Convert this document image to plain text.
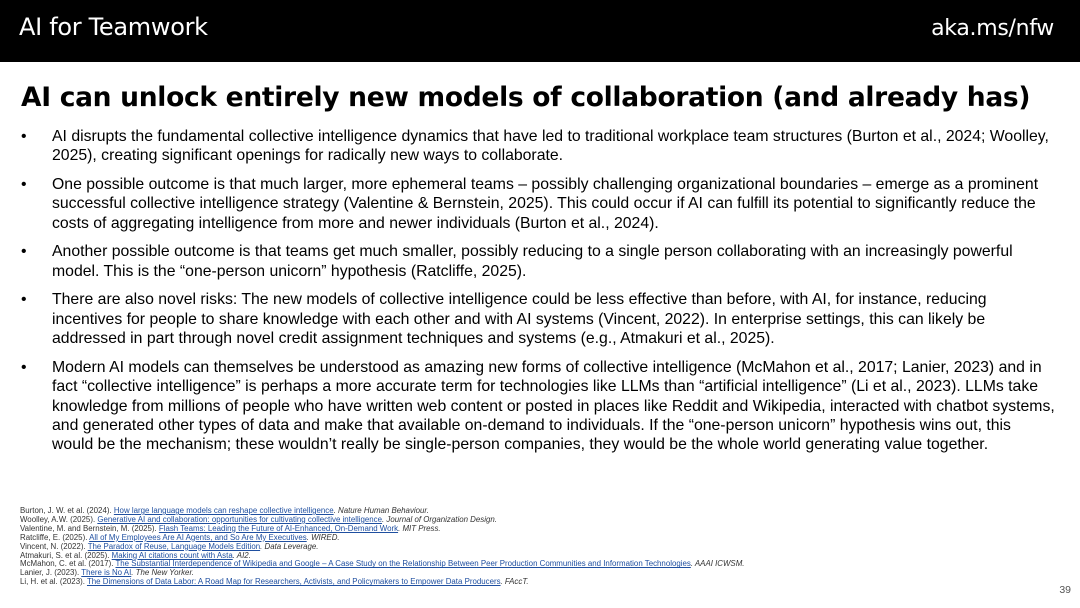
AI for Teamwork	aka.ms/nfw
AI can unlock entirely new models of collaboration (and already has)
•	AI disrupts the fundamental collective intelligence dynamics that have led to traditional workplace team structures (Burton et al., 2024; Woolley, 2025), creating significant openings for radically new ways to collaborate.
•	One possible outcome is that much larger, more ephemeral teams – possibly challenging organizational boundaries – emerge as a prominent successful collective intelligence strategy (Valentine & Bernstein, 2025). This could occur if AI can fulfill its potential to significantly reduce the costs of aggregating intelligence from more and newer individuals (Burton et al., 2024).
•	Another possible outcome is that teams get much smaller, possibly reducing to a single person collaborating with an increasingly powerful model. This is the “one-person unicorn” hypothesis (Ratcliffe, 2025).
•	There are also novel risks: The new models of collective intelligence could be less effective than before, with AI, for instance, reducing incentives for people to share knowledge with each other and with AI systems (Vincent, 2022). In enterprise settings, this can likely be addressed in part through novel credit assignment techniques and systems (e.g., Atmakuri et al., 2025).
•	Modern AI models can themselves be understood as amazing new forms of collective intelligence (McMahon et al., 2017; Lanier, 2023) and in fact “collective intelligence” is perhaps a more accurate term for technologies like LLMs than “artificial intelligence” (Li et al., 2023). LLMs take knowledge from millions of people who have written web content or posted in places like Reddit and Wikipedia, interacted with chatbot systems, and generated other types of data and make that available on-demand to individuals. If the “one-person unicorn” hypothesis wins out, this would be the mechanism; these wouldn’t really be single-person companies, they would be the whole world generating value together.
Burton, J. W. et al. (2024). How large language models can reshape collective intelligence. Nature Human Behaviour.
Woolley, A.W. (2025). Generative AI and collaboration: opportunities for cultivating collective intelligence. Journal of Organization Design.
Valentine, M. and Bernstein, M. (2025). Flash Teams: Leading the Future of AI-Enhanced, On-Demand Work. MIT Press.
Ratcliffe, E. (2025). All of My Employees Are AI Agents, and So Are My Executives. WIRED.
Vincent, N. (2022). The Paradox of Reuse, Language Models Edition. Data Leverage.
Atmakuri, S. et al. (2025). Making AI citations count with Asta. AI2.
McMahon, C. et al. (2017). The Substantial Interdependence of Wikipedia and Google – A Case Study on the Relationship Between Peer Production Communities and Information Technologies. AAAI ICWSM.
Lanier, J. (2023). There is No AI. The New Yorker.
Li, H. et al. (2023). The Dimensions of Data Labor: A Road Map for Researchers, Activists, and Policymakers to Empower Data Producers. FAccT.
39
